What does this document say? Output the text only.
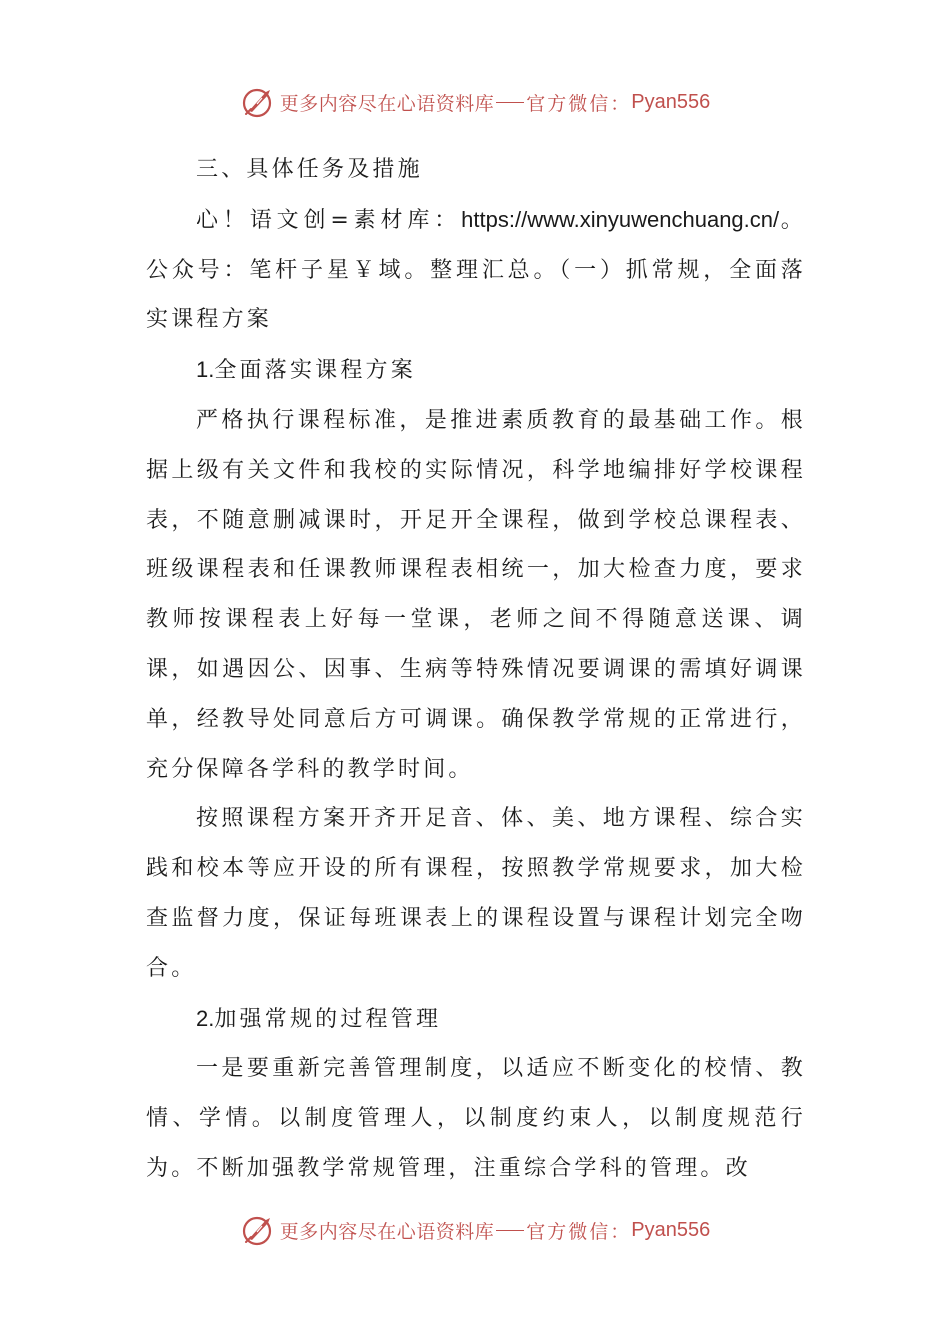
更多内容尽在心语资料库 官方微信： Pyan556

三、具体任务及措施

心！语文创=素材库：https://www.xinyuwenchuang.cn/。公众号：笔杆子星￥域。整理汇总。（一）抓常规，全面落实课程方案

1.全面落实课程方案

严格执行课程标准，是推进素质教育的最基础工作。根据上级有关文件和我校的实际情况，科学地编排好学校课程表，不随意删减课时，开足开全课程，做到学校总课程表、班级课程表和任课教师课程表相统一，加大检查力度，要求教师按课程表上好每一堂课，老师之间不得随意送课、调课，如遇因公、因事、生病等特殊情况要调课的需填好调课单，经教导处同意后方可调课。确保教学常规的正常进行，充分保障各学科的教学时间。

按照课程方案开齐开足音、体、美、地方课程、综合实践和校本等应开设的所有课程，按照教学常规要求，加大检查监督力度，保证每班课表上的课程设置与课程计划完全吻合。

2.加强常规的过程管理

一是要重新完善管理制度，以适应不断变化的校情、教情、学情。以制度管理人，以制度约束人，以制度规范行为。不断加强教学常规管理，注重综合学科的管理。改

更多内容尽在心语资料库 官方微信： Pyan556
